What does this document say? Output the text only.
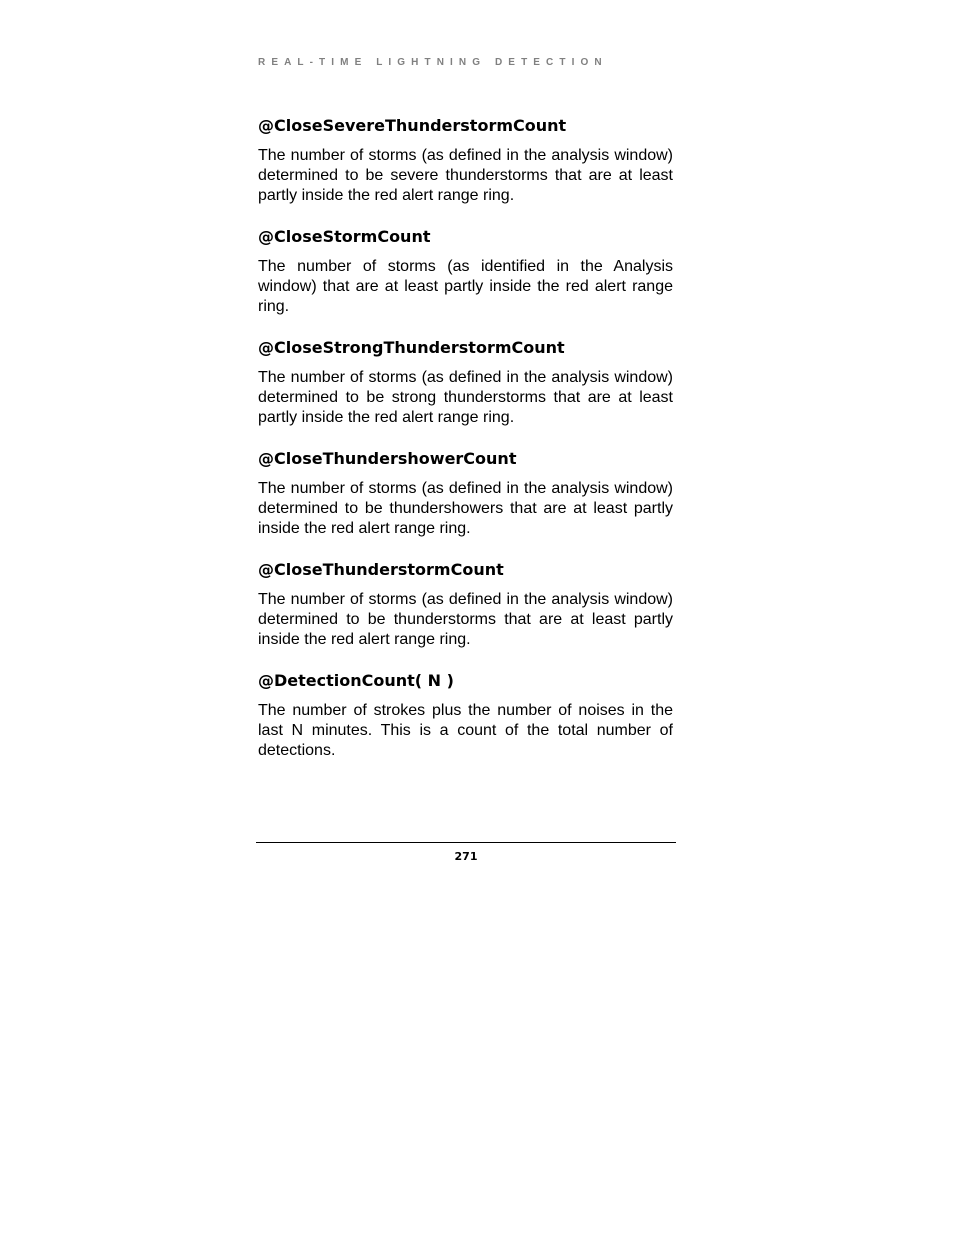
REAL-TIME LIGHTNING DETECTION
@CloseSevereThunderstormCount

The number of storms (as defined in the analysis window) determined to be severe thunderstorms that are at least partly inside the red alert range ring.

@CloseStormCount

The number of storms (as identified in the Analysis window) that are at least partly inside the red alert range ring.

@CloseStrongThunderstormCount

The number of storms (as defined in the analysis window) determined to be strong thunderstorms that are at least partly inside the red alert range ring.

@CloseThundershowerCount

The number of storms (as defined in the analysis window) determined to be thundershowers that are at least partly inside the red alert range ring.

@CloseThunderstormCount

The number of storms (as defined in the analysis window) determined to be thunderstorms that are at least partly inside the red alert range ring.

@DetectionCount( N )

The number of strokes plus the number of noises in the last N minutes. This is a count of the total number of detections.

271
